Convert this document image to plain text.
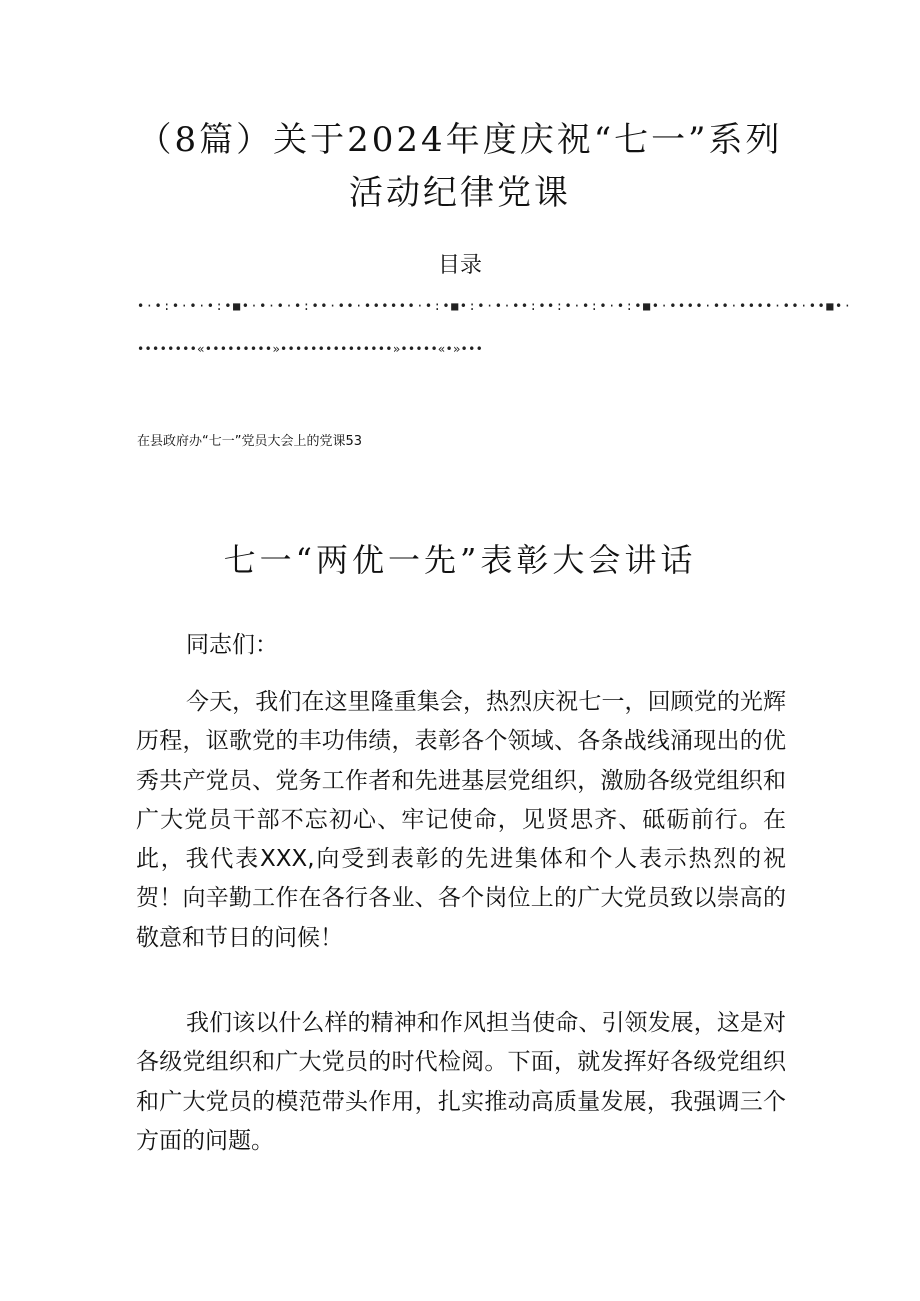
（8篇）关于2024年度庆祝“七一”系列
活动纪律党课
目录
•·•:•·•·•:•■•·•·•·•:••·••·••••••·•:•■•:•·•·••:••:•·•:•·•:•■•·••••·••·••••·••·••■•·
••••••••«•••••••••»•••••••••••••••»•••••«•»•••
在县政府办“七一”党员大会上的党课53
七一“两优一先”表彰大会讲话
同志们：

今天，我们在这里隆重集会，热烈庆祝七一，回顾党的光辉历程，讴歌党的丰功伟绩，表彰各个领域、各条战线涌现出的优秀共产党员、党务工作者和先进基层党组织，激励各级党组织和广大党员干部不忘初心、牢记使命，见贤思齐、砥砺前行。在此，我代表XXX,向受到表彰的先进集体和个人表示热烈的祝贺！向辛勤工作在各行各业、各个岗位上的广大党员致以崇高的敬意和节日的问候！

我们该以什么样的精神和作风担当使命、引领发展，这是对各级党组织和广大党员的时代检阅。下面，就发挥好各级党组织和广大党员的模范带头作用，扎实推动高质量发展，我强调三个方面的问题。
